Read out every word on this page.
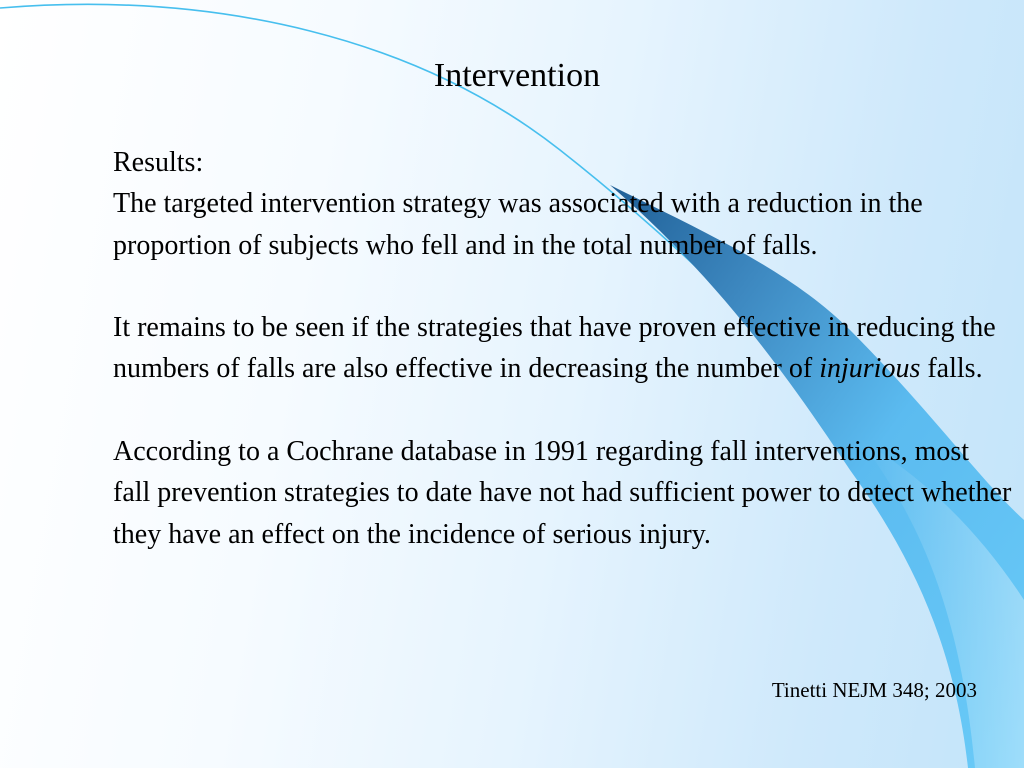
Intervention

Results:

The targeted intervention strategy was associated with a reduction in the proportion of subjects who fell and in the total number of falls.

It remains to be seen if the strategies that have proven effective in reducing the numbers of falls are also effective in decreasing the number of injurious falls.

According to a Cochrane database in 1991 regarding fall interventions, most fall prevention strategies to date have not had sufficient power to detect whether they have an effect on the incidence of serious injury.

Tinetti NEJM 348; 2003
